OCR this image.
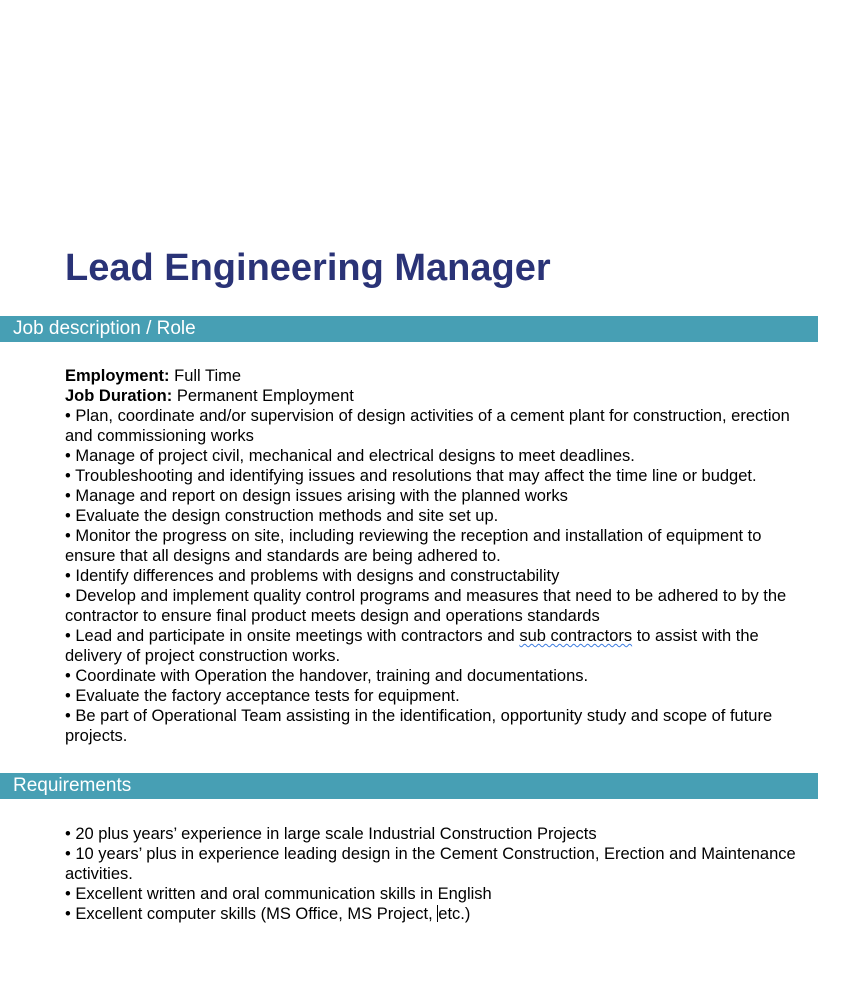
Lead Engineering Manager
Job description / Role

Employment: Full Time

Job Duration: Permanent Employment

• Plan, coordinate and/or supervision of design activities of a cement plant for construction, erection and commissioning works

• Manage of project civil, mechanical and electrical designs to meet deadlines.

• Troubleshooting and identifying issues and resolutions that may affect the time line or budget.

• Manage and report on design issues arising with the planned works

• Evaluate the design construction methods and site set up.

• Monitor the progress on site, including reviewing the reception and installation of equipment to ensure that all designs and standards are being adhered to.

• Identify differences and problems with designs and constructability

• Develop and implement quality control programs and measures that need to be adhered to by the contractor to ensure final product meets design and operations standards

• Lead and participate in onsite meetings with contractors and sub contractors to assist with the delivery of project construction works.

• Coordinate with Operation the handover, training and documentations.

• Evaluate the factory acceptance tests for equipment.

• Be part of Operational Team assisting in the identification, opportunity study and scope of future projects.

Requirements

• 20 plus years’ experience in large scale Industrial Construction Projects

• 10 years’ plus in experience leading design in the Cement Construction, Erection and Maintenance activities.

• Excellent written and oral communication skills in English

• Excellent computer skills (MS Office, MS Project, etc.)
